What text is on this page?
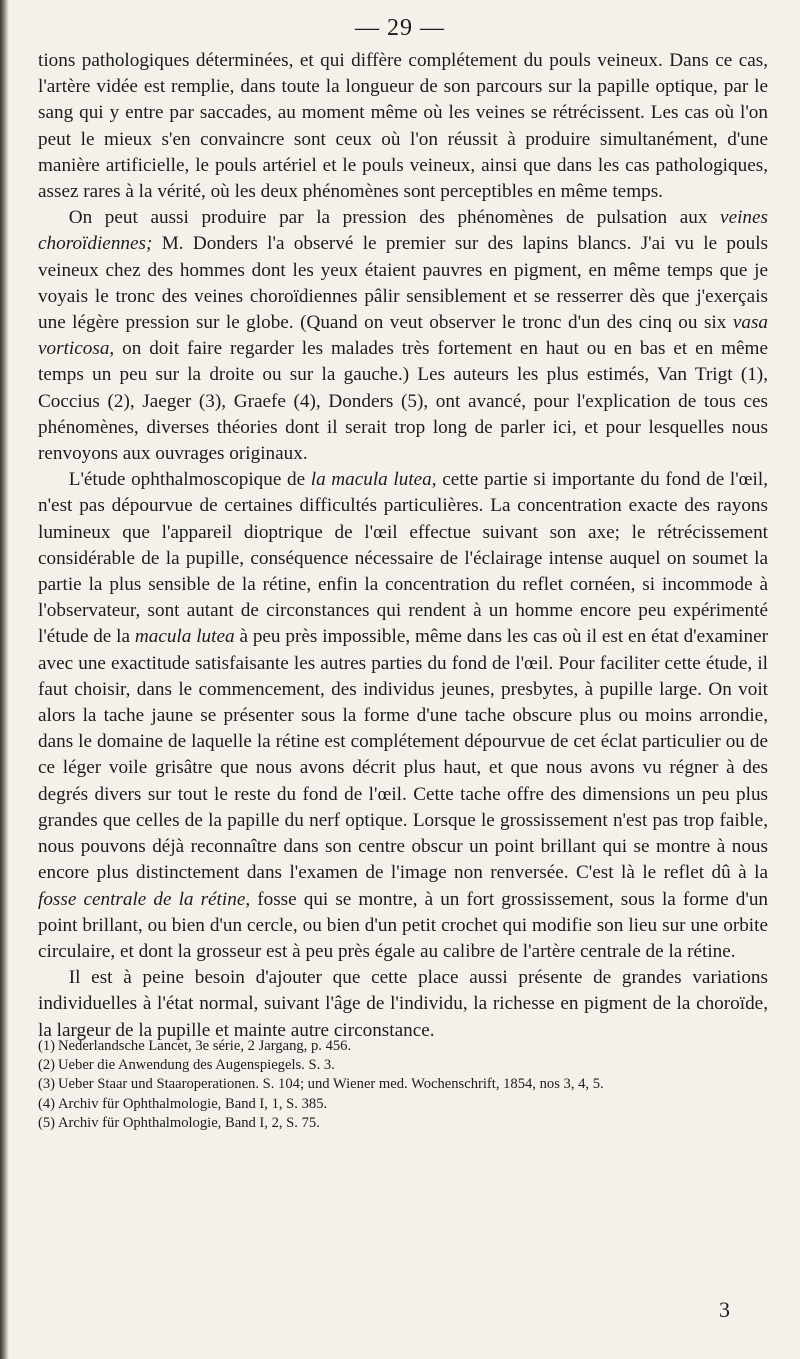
— 29 —

tions pathologiques déterminées, et qui diffère complétement du pouls veineux. Dans ce cas, l'artère vidée est remplie, dans toute la longueur de son parcours sur la papille optique, par le sang qui y entre par saccades, au moment même où les veines se rétrécissent. Les cas où l'on peut le mieux s'en convaincre sont ceux où l'on réussit à produire simultanément, d'une manière artificielle, le pouls artériel et le pouls veineux, ainsi que dans les cas pathologiques, assez rares à la vérité, où les deux phénomènes sont perceptibles en même temps.

On peut aussi produire par la pression des phénomènes de pulsation aux veines choroïdiennes; M. Donders l'a observé le premier sur des lapins blancs. J'ai vu le pouls veineux chez des hommes dont les yeux étaient pauvres en pigment, en même temps que je voyais le tronc des veines choroïdiennes pâlir sensiblement et se resserrer dès que j'exerçais une légère pression sur le globe. (Quand on veut observer le tronc d'un des cinq ou six vasa vorticosa, on doit faire regarder les malades très fortement en haut ou en bas et en même temps un peu sur la droite ou sur la gauche.) Les auteurs les plus estimés, Van Trigt (1), Coccius (2), Jaeger (3), Graefe (4), Donders (5), ont avancé, pour l'explication de tous ces phénomènes, diverses théories dont il serait trop long de parler ici, et pour lesquelles nous renvoyons aux ouvrages originaux.

L'étude ophthalmoscopique de la macula lutea, cette partie si importante du fond de l'œil, n'est pas dépourvue de certaines difficultés particulières. La concentration exacte des rayons lumineux que l'appareil dioptrique de l'œil effectue suivant son axe; le rétrécissement considérable de la pupille, conséquence nécessaire de l'éclairage intense auquel on soumet la partie la plus sensible de la rétine, enfin la concentration du reflet cornéen, si incommode à l'observateur, sont autant de circonstances qui rendent à un homme encore peu expérimenté l'étude de la macula lutea à peu près impossible, même dans les cas où il est en état d'examiner avec une exactitude satisfaisante les autres parties du fond de l'œil. Pour faciliter cette étude, il faut choisir, dans le commencement, des individus jeunes, presbytes, à pupille large. On voit alors la tache jaune se présenter sous la forme d'une tache obscure plus ou moins arrondie, dans le domaine de laquelle la rétine est complétement dépourvue de cet éclat particulier ou de ce léger voile grisâtre que nous avons décrit plus haut, et que nous avons vu régner à des degrés divers sur tout le reste du fond de l'œil. Cette tache offre des dimensions un peu plus grandes que celles de la papille du nerf optique. Lorsque le grossissement n'est pas trop faible, nous pouvons déjà reconnaître dans son centre obscur un point brillant qui se montre à nous encore plus distinctement dans l'examen de l'image non renversée. C'est là le reflet dû à la fosse centrale de la rétine, fosse qui se montre, à un fort grossissement, sous la forme d'un point brillant, ou bien d'un cercle, ou bien d'un petit crochet qui modifie son lieu sur une orbite circulaire, et dont la grosseur est à peu près égale au calibre de l'artère centrale de la rétine.

Il est à peine besoin d'ajouter que cette place aussi présente de grandes variations individuelles à l'état normal, suivant l'âge de l'individu, la richesse en pigment de la choroïde, la largeur de la pupille et mainte autre circonstance.

(1) Nederlandsche Lancet, 3e série, 2 Jargang, p. 456.
(2) Ueber die Anwendung des Augenspiegels. S. 3.
(3) Ueber Staar und Staaroperationen. S. 104; und Wiener med. Wochenschrift, 1854, nos 3, 4, 5.
(4) Archiv für Ophthalmologie, Band I, 1, S. 385.
(5) Archiv für Ophthalmologie, Band I, 2, S. 75.
3
